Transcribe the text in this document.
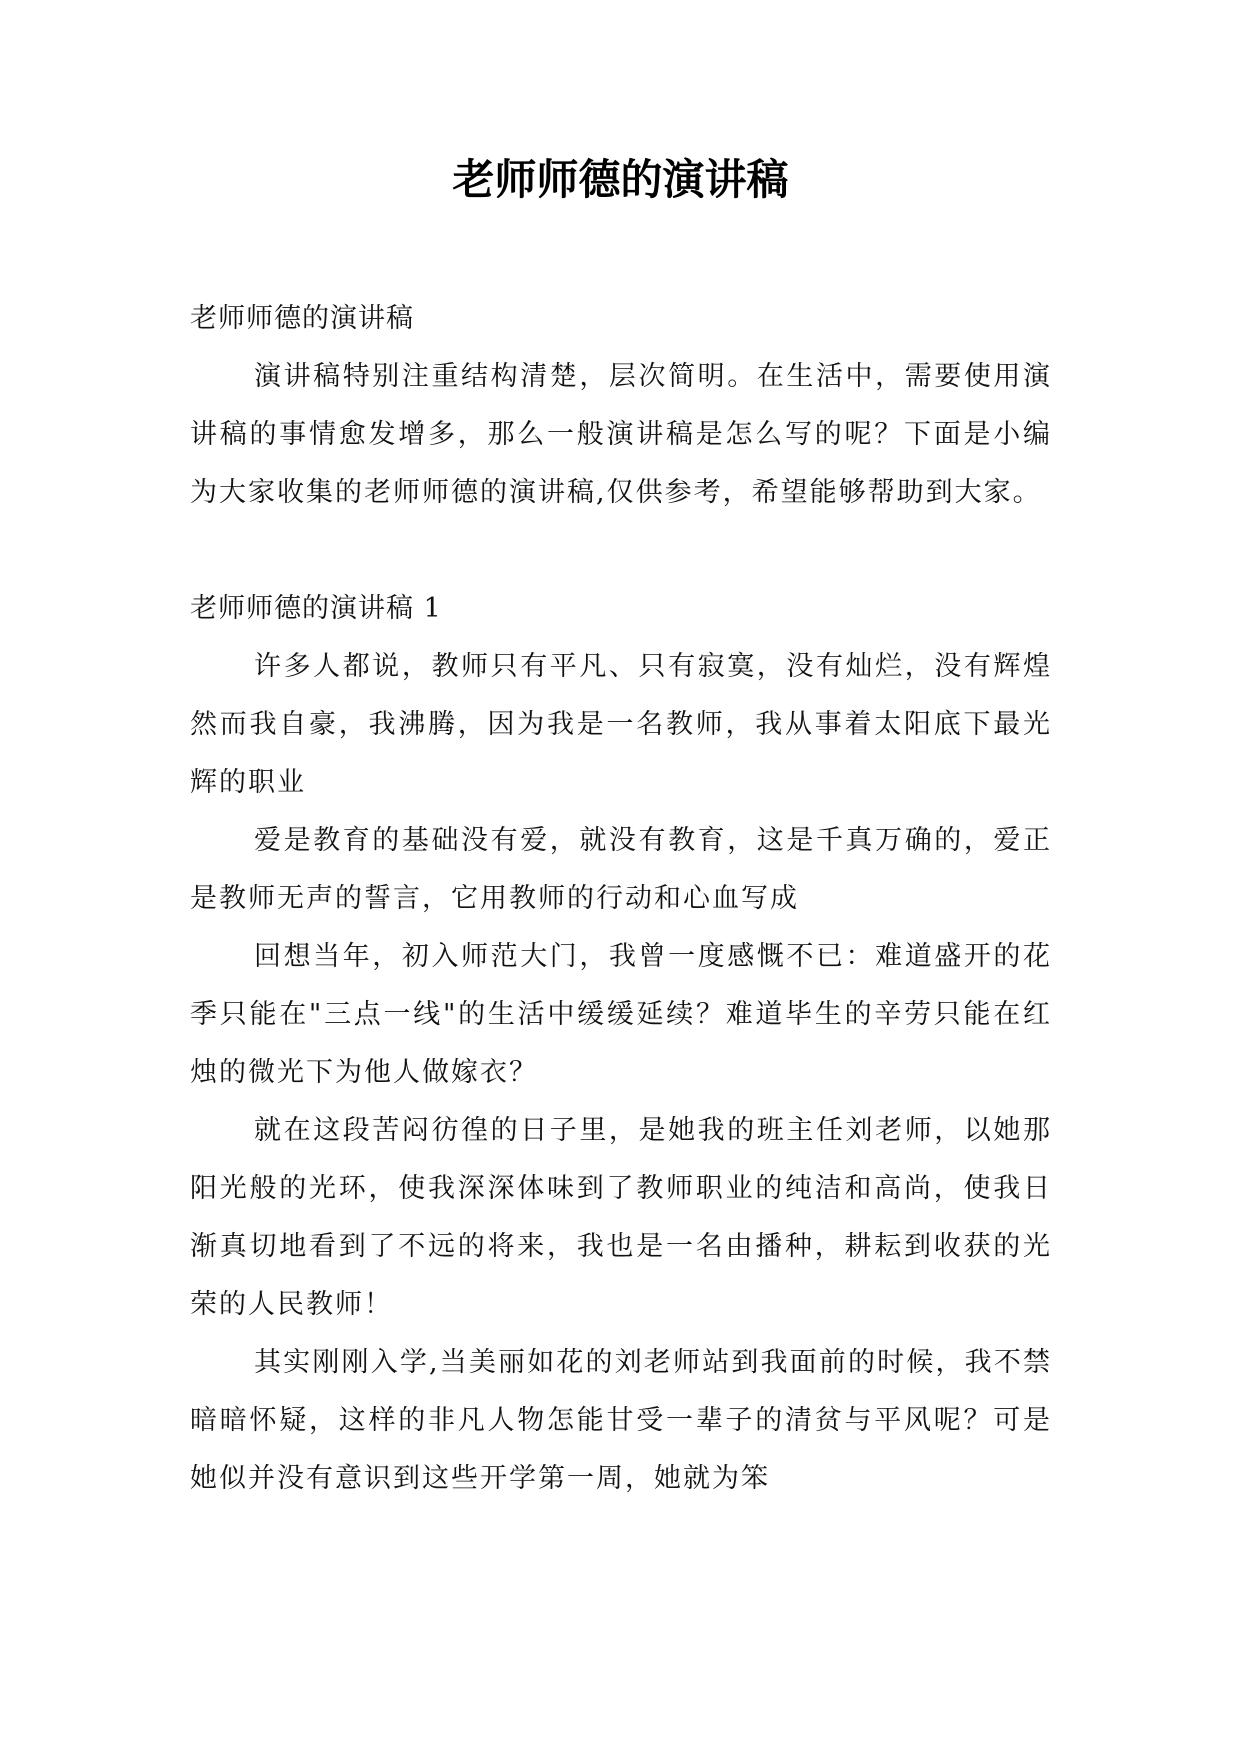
老师师德的演讲稿

老师师德的演讲稿

演讲稿特别注重结构清楚，层次简明。在生活中，需要使用演讲稿的事情愈发增多，那么一般演讲稿是怎么写的呢？下面是小编为大家收集的老师师德的演讲稿,仅供参考，希望能够帮助到大家。

老师师德的演讲稿 1

许多人都说，教师只有平凡、只有寂寞，没有灿烂，没有辉煌然而我自豪，我沸腾，因为我是一名教师，我从事着太阳底下最光辉的职业

爱是教育的基础没有爱，就没有教育，这是千真万确的，爱正是教师无声的誓言，它用教师的行动和心血写成

回想当年，初入师范大门，我曾一度感慨不已：难道盛开的花季只能在"三点一线"的生活中缓缓延续？难道毕生的辛劳只能在红烛的微光下为他人做嫁衣？

就在这段苦闷彷徨的日子里，是她我的班主任刘老师，以她那阳光般的光环，使我深深体味到了教师职业的纯洁和高尚，使我日渐真切地看到了不远的将来，我也是一名由播种，耕耘到收获的光荣的人民教师！

其实刚刚入学,当美丽如花的刘老师站到我面前的时候，我不禁暗暗怀疑，这样的非凡人物怎能甘受一辈子的清贫与平风呢？可是她似并没有意识到这些开学第一周，她就为笨
